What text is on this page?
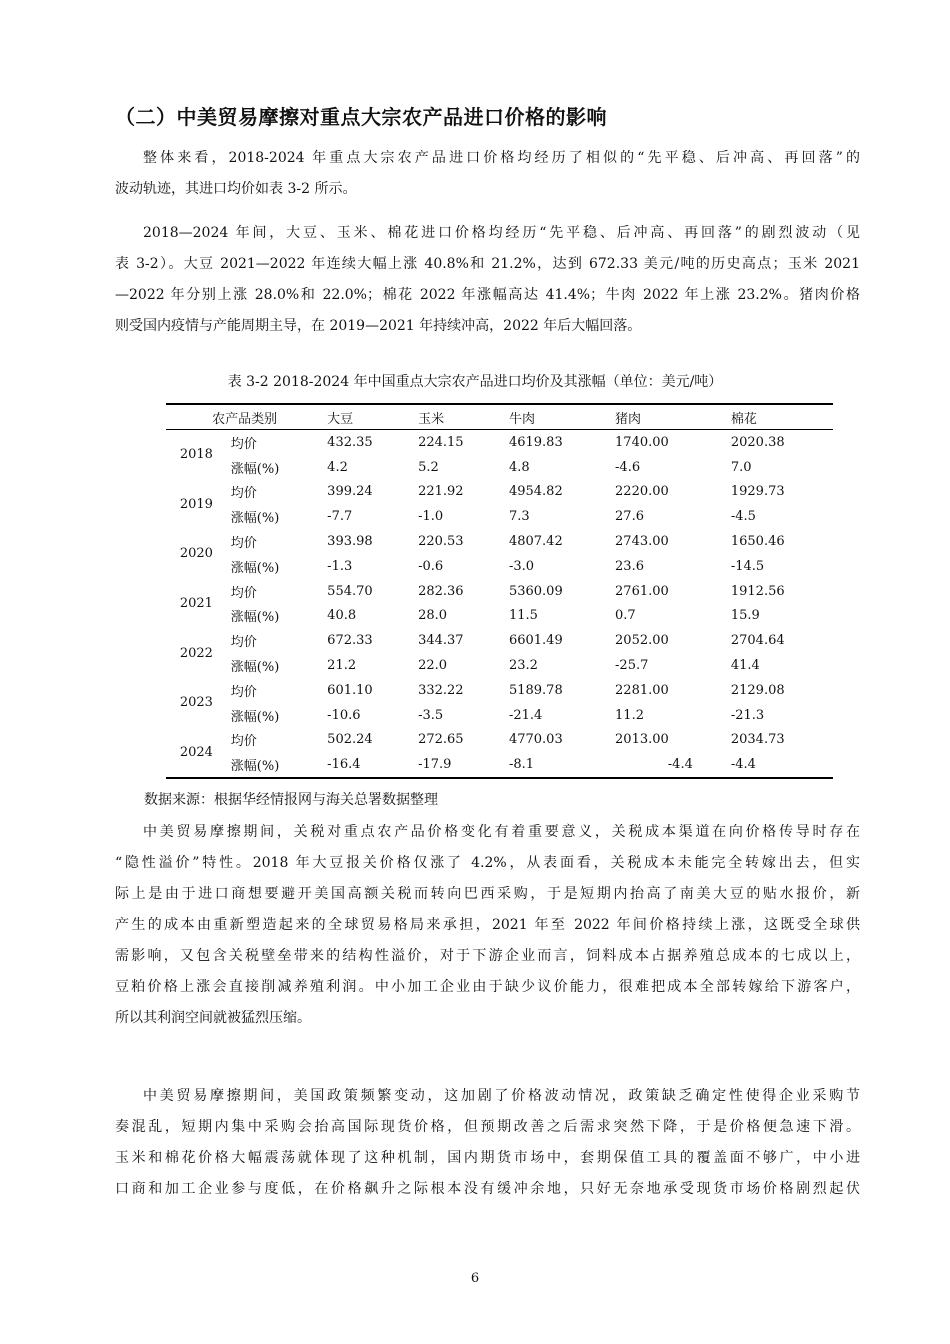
（二）中美贸易摩擦对重点大宗农产品进口价格的影响
整体来看，2018-2024 年重点大宗农产品进口价格均经历了相似的“先平稳、后冲高、再回落”的
波动轨迹，其进口均价如表 3-2 所示。
2018—2024 年间，大豆、玉米、棉花进口价格均经历“先平稳、后冲高、再回落”的剧烈波动（见
表 3-2）。大豆 2021—2022 年连续大幅上涨 40.8%和 21.2%，达到 672.33 美元/吨的历史高点；玉米 2021
—2022 年分别上涨 28.0%和 22.0%；棉花 2022 年涨幅高达 41.4%；牛肉 2022 年上涨 23.2%。猪肉价格
则受国内疫情与产能周期主导，在 2019—2021 年持续冲高，2022 年后大幅回落。
表 3-2 2018-2024 年中国重点大宗农产品进口均价及其涨幅（单位：美元/吨）
农产品类别		大豆	玉米	牛肉	猪肉	棉花
2018	均价	432.35	224.15	4619.83	1740.00	2020.38
	涨幅(%)	4.2	5.2	4.8	-4.6	7.0
2019	均价	399.24	221.92	4954.82	2220.00	1929.73
	涨幅(%)	-7.7	-1.0	7.3	27.6	-4.5
2020	均价	393.98	220.53	4807.42	2743.00	1650.46
	涨幅(%)	-1.3	-0.6	-3.0	23.6	-14.5
2021	均价	554.70	282.36	5360.09	2761.00	1912.56
	涨幅(%)	40.8	28.0	11.5	0.7	15.9
2022	均价	672.33	344.37	6601.49	2052.00	2704.64
	涨幅(%)	21.2	22.0	23.2	-25.7	41.4
2023	均价	601.10	332.22	5189.78	2281.00	2129.08
	涨幅(%)	-10.6	-3.5	-21.4	11.2	-21.3
2024	均价	502.24	272.65	4770.03	2013.00	2034.73
	涨幅(%)	-16.4	-17.9	-8.1	-4.4	-4.4
数据来源：根据华经情报网与海关总署数据整理
中美贸易摩擦期间，关税对重点农产品价格变化有着重要意义，关税成本渠道在向价格传导时存在
“隐性溢价”特性。2018 年大豆报关价格仅涨了 4.2%，从表面看，关税成本未能完全转嫁出去，但实
际上是由于进口商想要避开美国高额关税而转向巴西采购，于是短期内抬高了南美大豆的贴水报价，新
产生的成本由重新塑造起来的全球贸易格局来承担，2021 年至 2022 年间价格持续上涨，这既受全球供
需影响，又包含关税壁垒带来的结构性溢价，对于下游企业而言，饲料成本占据养殖总成本的七成以上，
豆粕价格上涨会直接削减养殖利润。中小加工企业由于缺少议价能力，很难把成本全部转嫁给下游客户，
所以其利润空间就被猛烈压缩。
中美贸易摩擦期间，美国政策频繁变动，这加剧了价格波动情况，政策缺乏确定性使得企业采购节
奏混乱，短期内集中采购会抬高国际现货价格，但预期改善之后需求突然下降，于是价格便急速下滑。
玉米和棉花价格大幅震荡就体现了这种机制，国内期货市场中，套期保值工具的覆盖面不够广，中小进
口商和加工企业参与度低，在价格飙升之际根本没有缓冲余地，只好无奈地承受现货市场价格剧烈起伏
6
